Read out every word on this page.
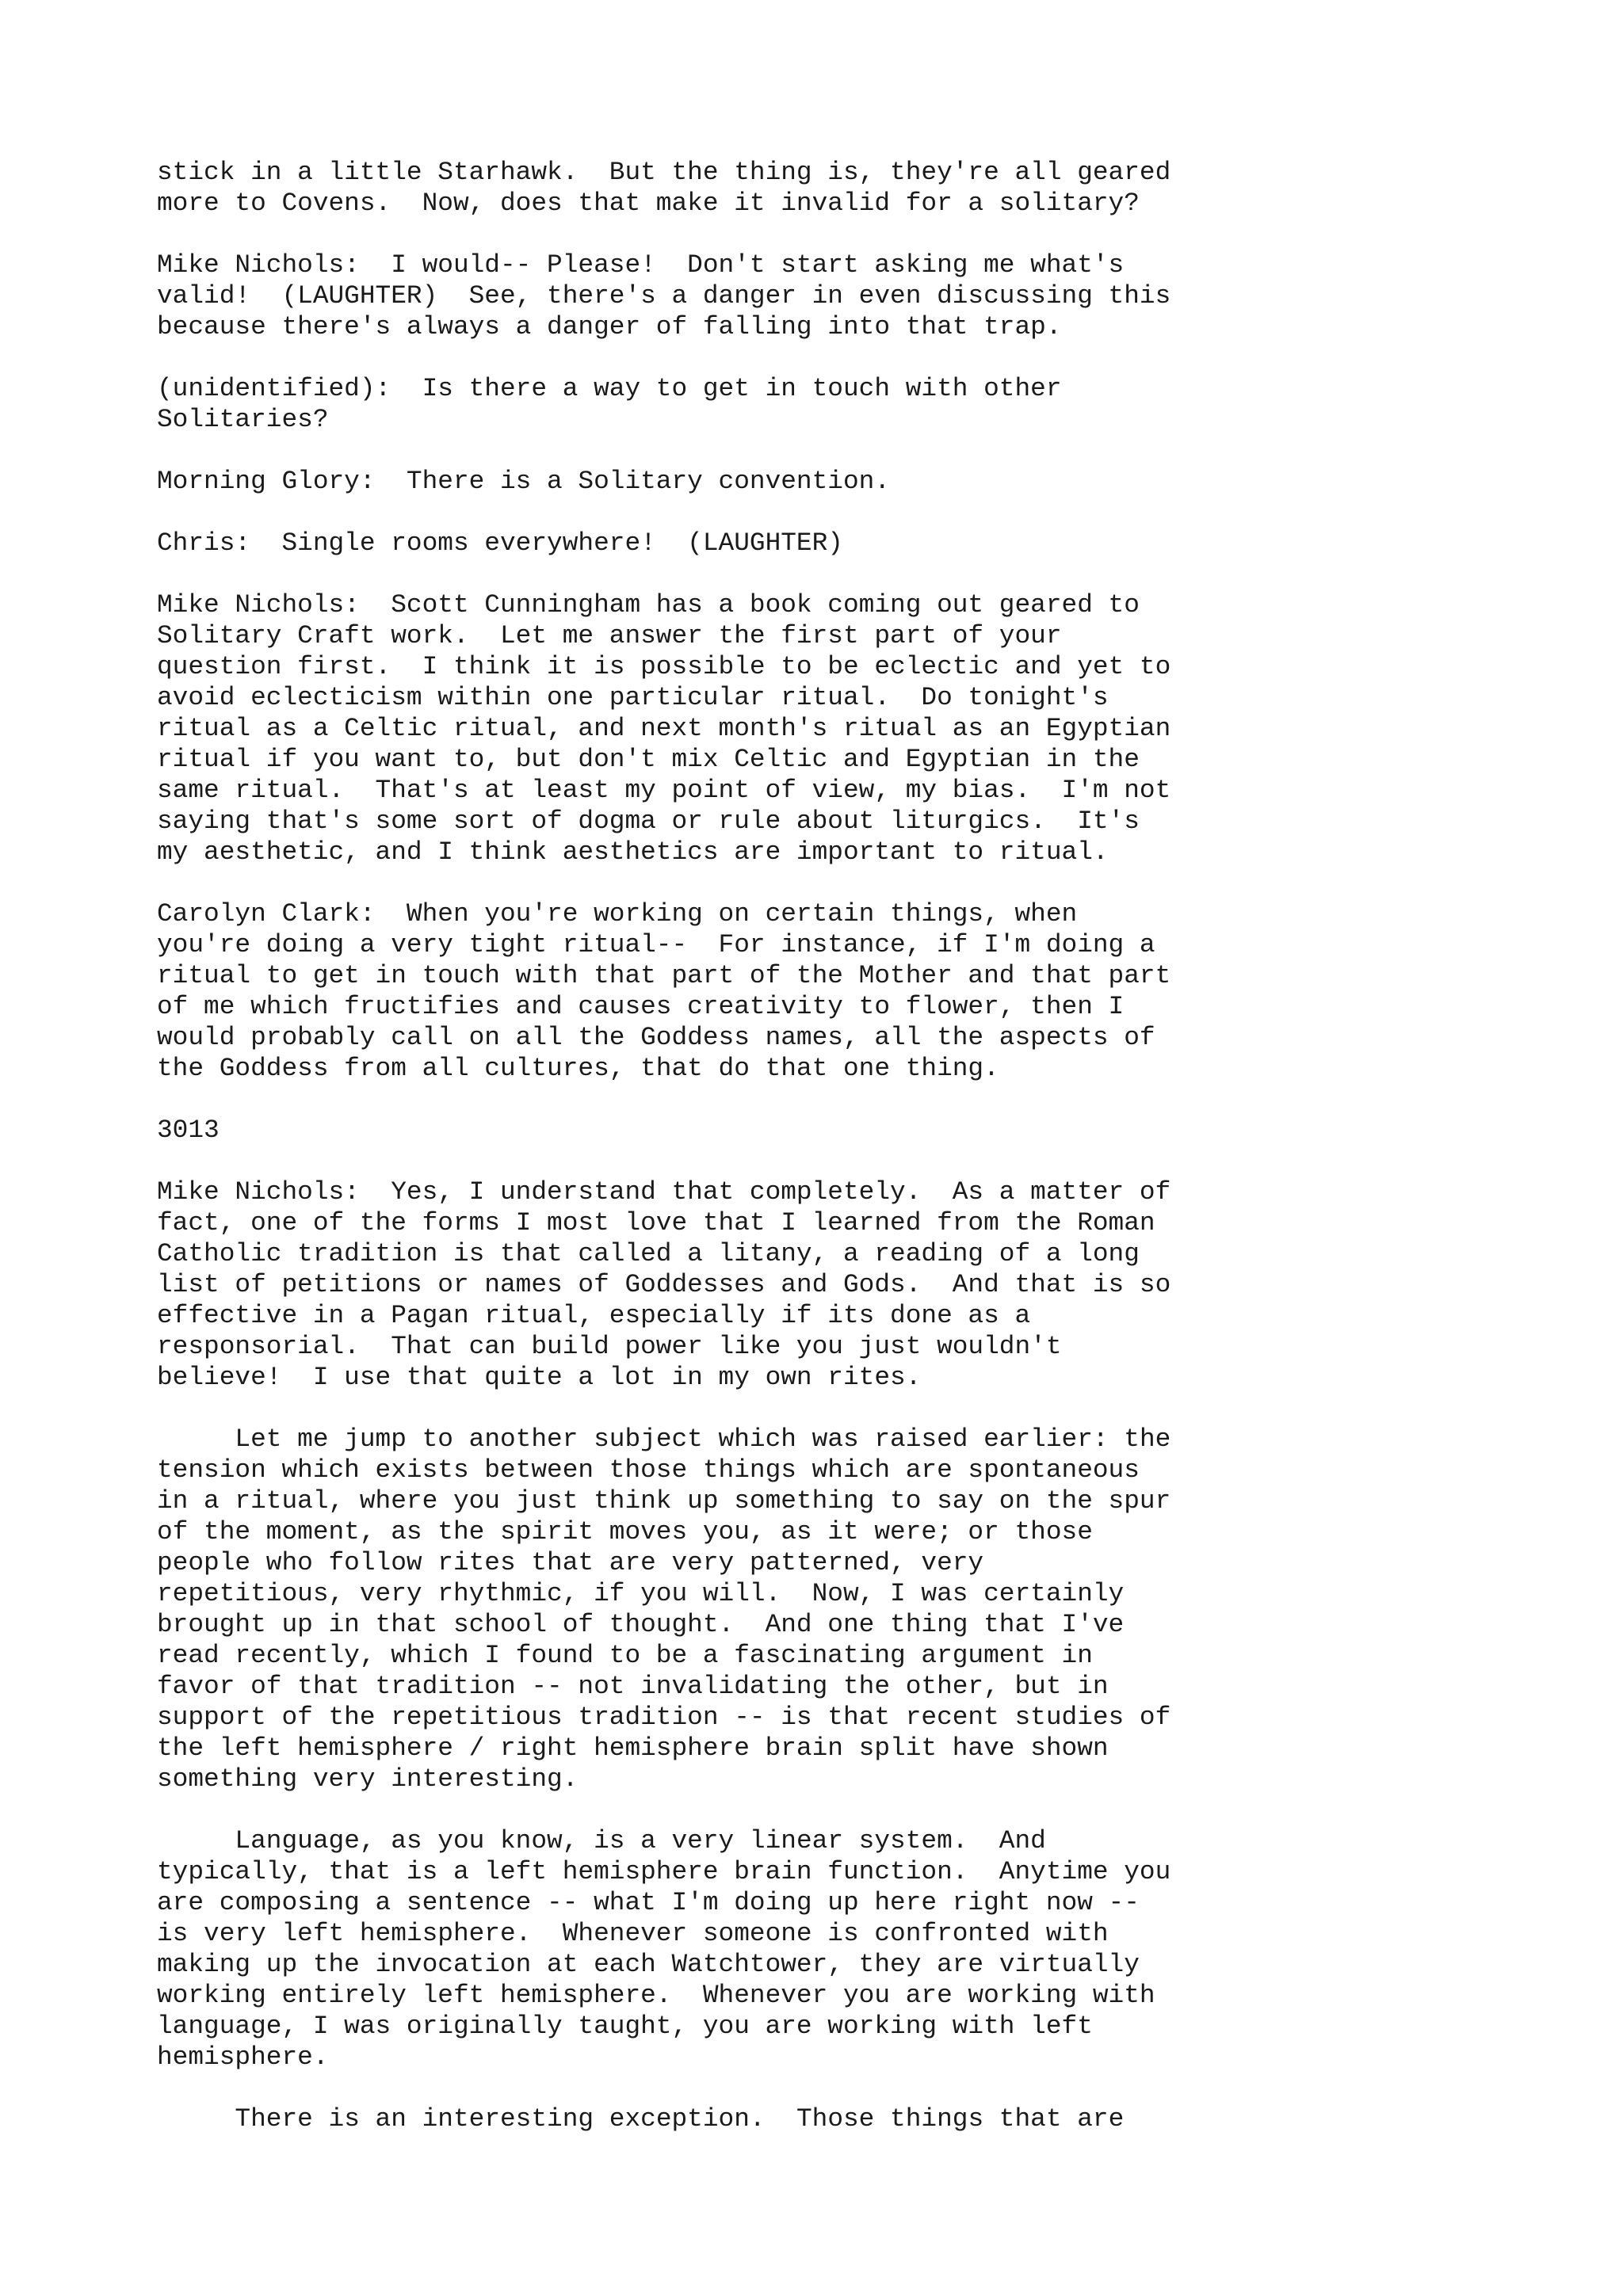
stick in a little Starhawk.  But the thing is, they're all geared
more to Covens.  Now, does that make it invalid for a solitary?

Mike Nichols:  I would-- Please!  Don't start asking me what's
valid!  (LAUGHTER)  See, there's a danger in even discussing this
because there's always a danger of falling into that trap.

(unidentified):  Is there a way to get in touch with other
Solitaries?

Morning Glory:  There is a Solitary convention.

Chris:  Single rooms everywhere!  (LAUGHTER)

Mike Nichols:  Scott Cunningham has a book coming out geared to
Solitary Craft work.  Let me answer the first part of your
question first.  I think it is possible to be eclectic and yet to
avoid eclecticism within one particular ritual.  Do tonight's
ritual as a Celtic ritual, and next month's ritual as an Egyptian
ritual if you want to, but don't mix Celtic and Egyptian in the
same ritual.  That's at least my point of view, my bias.  I'm not
saying that's some sort of dogma or rule about liturgics.  It's
my aesthetic, and I think aesthetics are important to ritual.

Carolyn Clark:  When you're working on certain things, when
you're doing a very tight ritual--  For instance, if I'm doing a
ritual to get in touch with that part of the Mother and that part
of me which fructifies and causes creativity to flower, then I
would probably call on all the Goddess names, all the aspects of
the Goddess from all cultures, that do that one thing.

3013

Mike Nichols:  Yes, I understand that completely.  As a matter of
fact, one of the forms I most love that I learned from the Roman
Catholic tradition is that called a litany, a reading of a long
list of petitions or names of Goddesses and Gods.  And that is so
effective in a Pagan ritual, especially if its done as a
responsorial.  That can build power like you just wouldn't
believe!  I use that quite a lot in my own rites.

Let me jump to another subject which was raised earlier: the
tension which exists between those things which are spontaneous
in a ritual, where you just think up something to say on the spur
of the moment, as the spirit moves you, as it were; or those
people who follow rites that are very patterned, very
repetitious, very rhythmic, if you will.  Now, I was certainly
brought up in that school of thought.  And one thing that I've
read recently, which I found to be a fascinating argument in
favor of that tradition -- not invalidating the other, but in
support of the repetitious tradition -- is that recent studies of
the left hemisphere / right hemisphere brain split have shown
something very interesting.

Language, as you know, is a very linear system.  And
typically, that is a left hemisphere brain function.  Anytime you
are composing a sentence -- what I'm doing up here right now --
is very left hemisphere.  Whenever someone is confronted with
making up the invocation at each Watchtower, they are virtually
working entirely left hemisphere.  Whenever you are working with
language, I was originally taught, you are working with left
hemisphere.

There is an interesting exception.  Those things that are
